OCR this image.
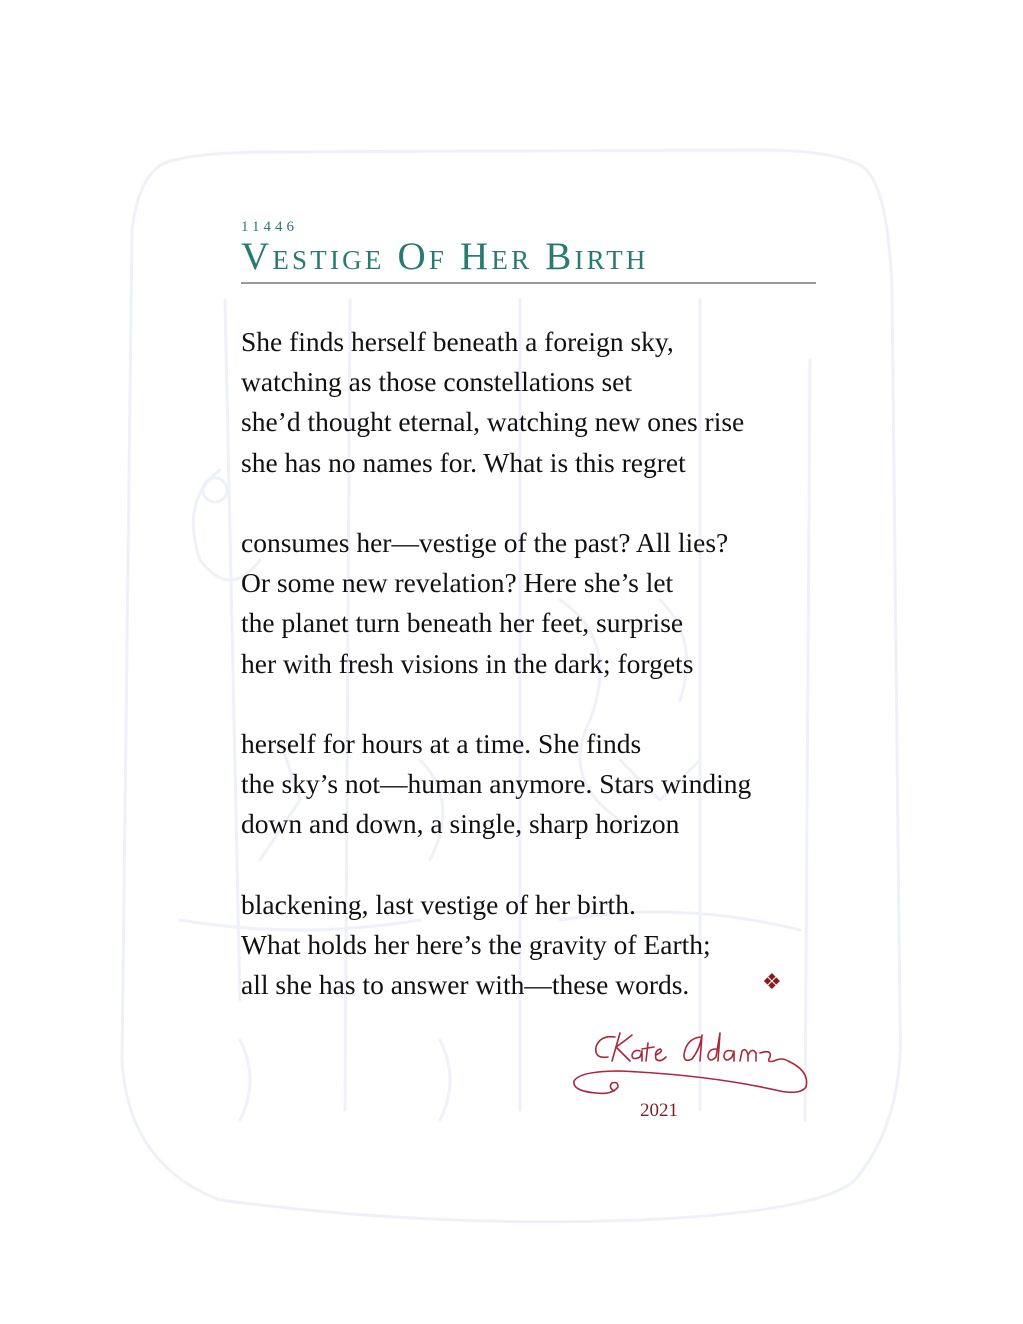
11446

Vestige Of Her Birth
She finds herself beneath a foreign sky,
watching as those constellations set
she’d thought eternal, watching new ones rise
she has no names for. What is this regret
consumes her—vestige of the past? All lies?
Or some new revelation? Here she’s let
the planet turn beneath her feet, surprise
her with fresh visions in the dark; forgets
herself for hours at a time. She finds
the sky’s not—human anymore. Stars winding
down and down, a single, sharp horizon
blackening, last vestige of her birth.
What holds her here’s the gravity of Earth;
all she has to answer with—these words.	❖
2021
